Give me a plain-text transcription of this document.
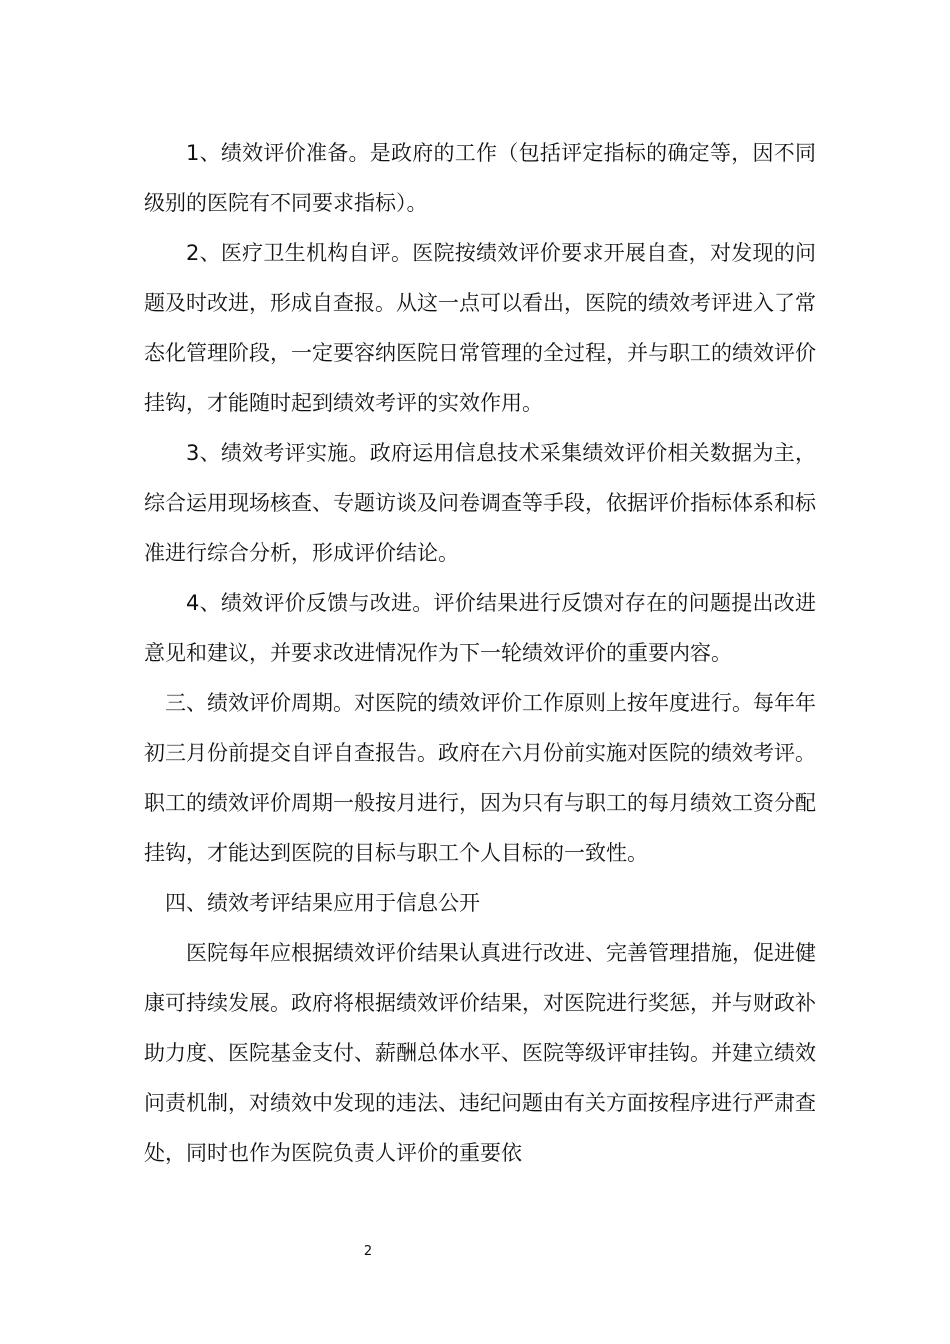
1、绩效评价准备。是政府的工作（包括评定指标的确定等，因不同级别的医院有不同要求指标）。

2、医疗卫生机构自评。医院按绩效评价要求开展自查，对发现的问题及时改进，形成自查报。从这一点可以看出，医院的绩效考评进入了常态化管理阶段，一定要容纳医院日常管理的全过程，并与职工的绩效评价挂钩，才能随时起到绩效考评的实效作用。

3、绩效考评实施。政府运用信息技术采集绩效评价相关数据为主，综合运用现场核查、专题访谈及问卷调查等手段，依据评价指标体系和标准进行综合分析，形成评价结论。

4、绩效评价反馈与改进。评价结果进行反馈对存在的问题提出改进意见和建议，并要求改进情况作为下一轮绩效评价的重要内容。

三、绩效评价周期。对医院的绩效评价工作原则上按年度进行。每年年初三月份前提交自评自查报告。政府在六月份前实施对医院的绩效考评。职工的绩效评价周期一般按月进行，因为只有与职工的每月绩效工资分配挂钩，才能达到医院的目标与职工个人目标的一致性。

四、绩效考评结果应用于信息公开

医院每年应根据绩效评价结果认真进行改进、完善管理措施，促进健康可持续发展。政府将根据绩效评价结果，对医院进行奖惩，并与财政补助力度、医院基金支付、薪酬总体水平、医院等级评审挂钩。并建立绩效问责机制，对绩效中发现的违法、违纪问题由有关方面按程序进行严肃查处，同时也作为医院负责人评价的重要依

2
